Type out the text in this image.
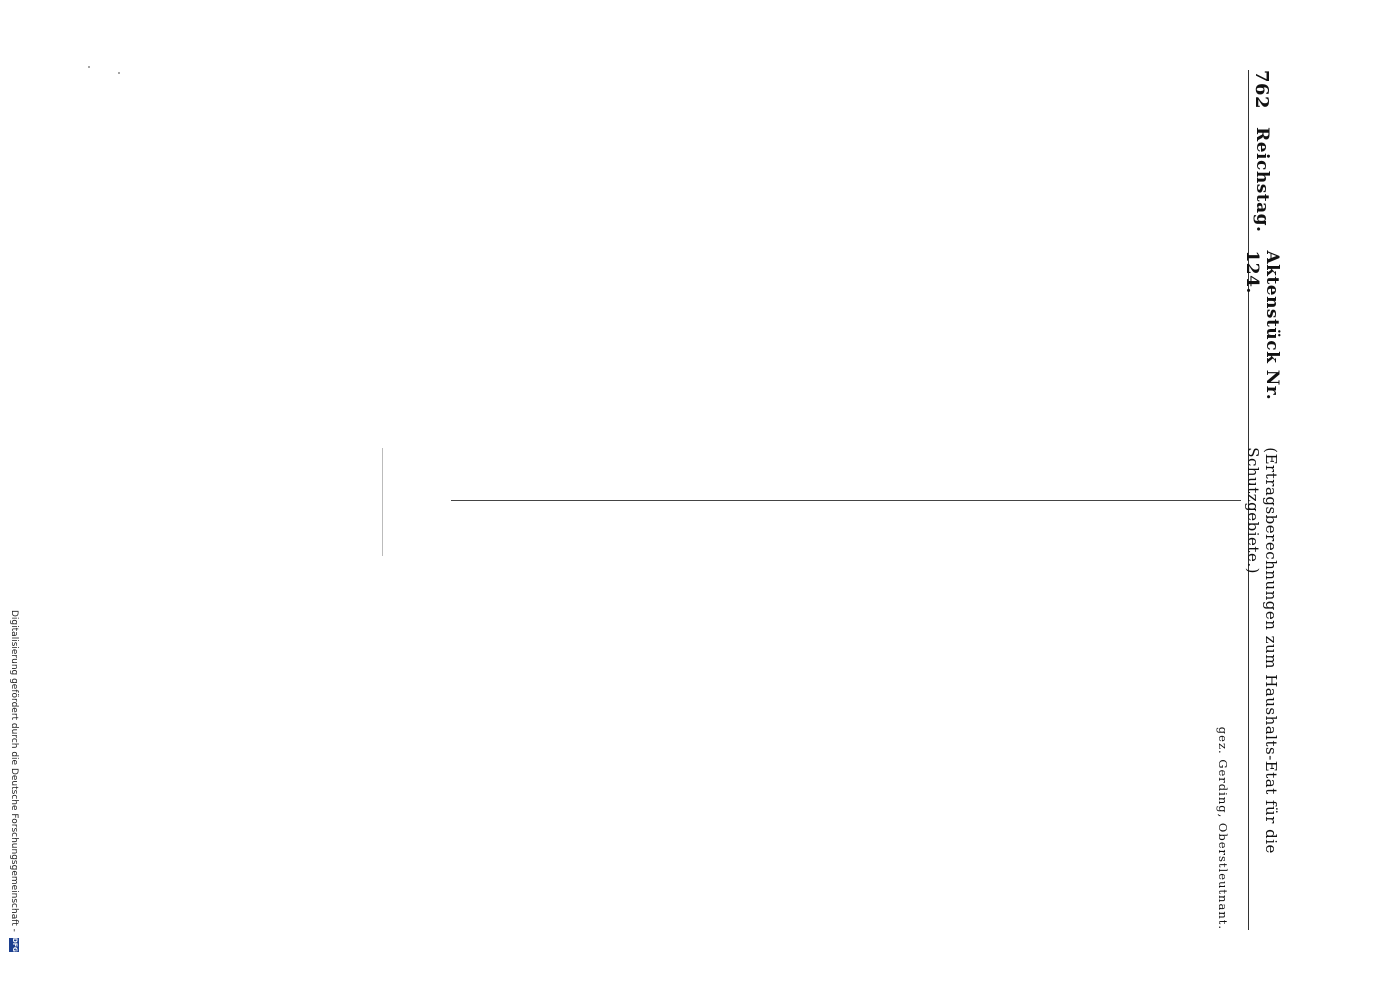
762
Reichstag.
Aktenstück Nr. 124.
(Ertragsberechnungen zum Haushalts-Etat für die Schutzgebiete.)
gez. Gerding, Oberstleutnant.
Digitalisierung gefördert durch die Deutsche Forschungsgemeinschaft -
DFG
